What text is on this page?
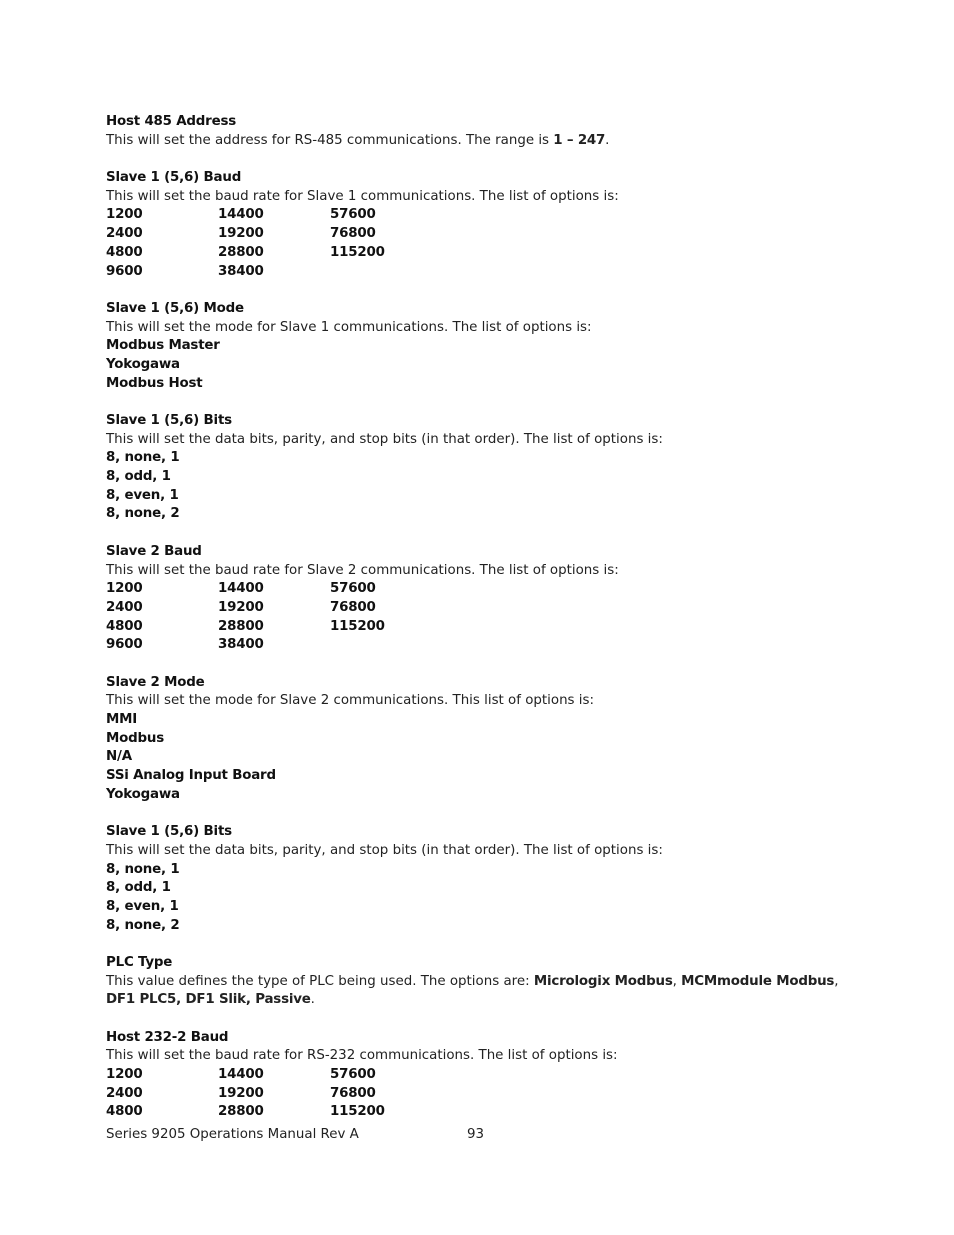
Host 485 Address
This will set the address for RS-485 communications. The range is 1 – 247.
Slave 1 (5,6) Baud
This will set the baud rate for Slave 1 communications. The list of options is:
1200	14400	57600
2400	19200	76800
4800	28800	115200
9600	38400
Slave 1 (5,6) Mode
This will set the mode for Slave 1 communications. The list of options is:
Modbus Master
Yokogawa
Modbus Host
Slave 1 (5,6) Bits
This will set the data bits, parity, and stop bits (in that order). The list of options is:
8, none, 1
8, odd, 1
8, even, 1
8, none, 2
Slave 2 Baud
This will set the baud rate for Slave 2 communications. The list of options is:
1200	14400	57600
2400	19200	76800
4800	28800	115200
9600	38400
Slave 2 Mode
This will set the mode for Slave 2 communications. This list of options is:
MMI
Modbus
N/A
SSi Analog Input Board
Yokogawa
Slave 1 (5,6) Bits
This will set the data bits, parity, and stop bits (in that order). The list of options is:
8, none, 1
8, odd, 1
8, even, 1
8, none, 2
PLC Type
This value defines the type of PLC being used. The options are: Micrologix Modbus, MCMmodule Modbus,
DF1 PLC5, DF1 Slik, Passive.
Host 232-2 Baud
This will set the baud rate for RS-232 communications. The list of options is:
1200	14400	57600
2400	19200	76800
4800	28800	115200
Series 9205 Operations Manual Rev A	93
